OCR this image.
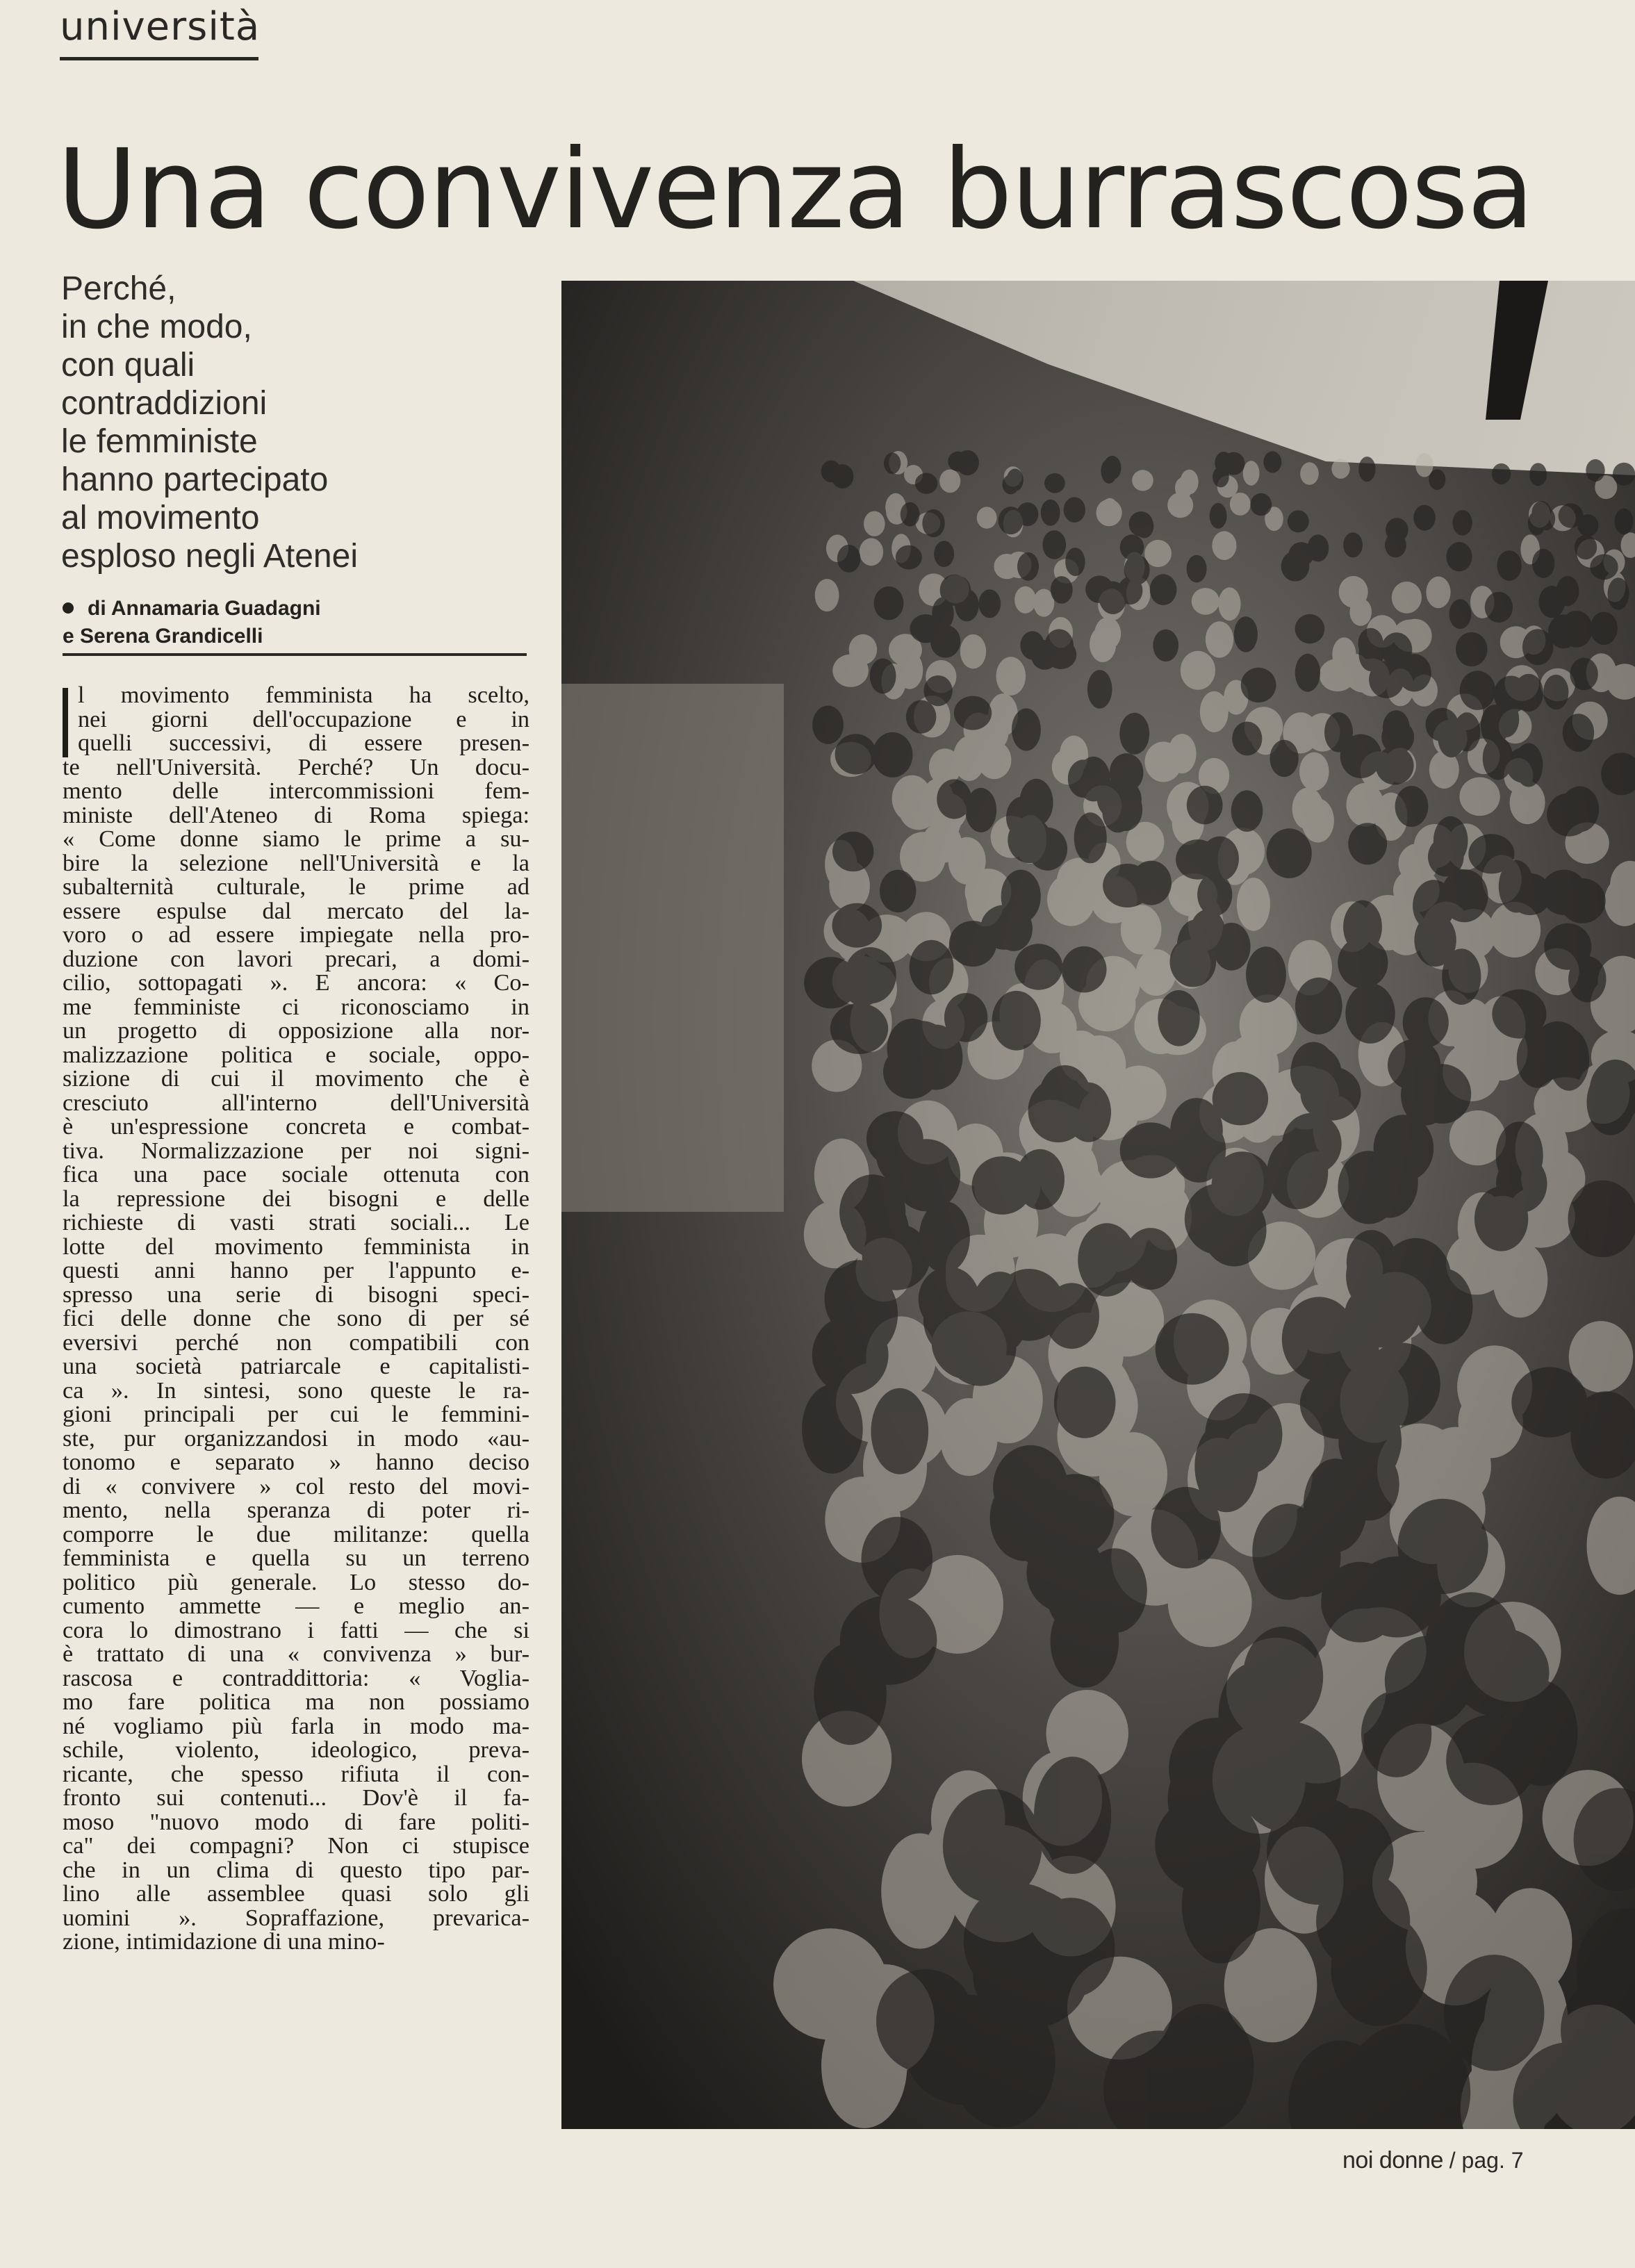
università
Una convivenza burrascosa
Perché,
in che modo,
con quali
contraddizioni
le femministe
hanno partecipato
al movimento
esploso negli Atenei
di Annamaria Guadagni
e Serena Grandicelli
l movimento femminista ha scelto,
nei giorni dell'occupazione e in
quelli successivi, di essere presen-
te nell'Università. Perché? Un docu-
mento delle intercommissioni fem-
ministe dell'Ateneo di Roma spiega:
« Come donne siamo le prime a su-
bire la selezione nell'Università e la
subalternità culturale, le prime ad
essere espulse dal mercato del la-
voro o ad essere impiegate nella pro-
duzione con lavori precari, a domi-
cilio, sottopagati ». E ancora: « Co-
me femministe ci riconosciamo in
un progetto di opposizione alla nor-
malizzazione politica e sociale, oppo-
sizione di cui il movimento che è
cresciuto all'interno dell'Università
è un'espressione concreta e combat-
tiva. Normalizzazione per noi signi-
fica una pace sociale ottenuta con
la repressione dei bisogni e delle
richieste di vasti strati sociali... Le
lotte del movimento femminista in
questi anni hanno per l'appunto e-
spresso una serie di bisogni speci-
fici delle donne che sono di per sé
eversivi perché non compatibili con
una società patriarcale e capitalisti-
ca ». In sintesi, sono queste le ra-
gioni principali per cui le femmini-
ste, pur organizzandosi in modo «au-
tonomo e separato » hanno deciso
di « convivere » col resto del movi-
mento, nella speranza di poter ri-
comporre le due militanze: quella
femminista e quella su un terreno
politico più generale. Lo stesso do-
cumento ammette — e meglio an-
cora lo dimostrano i fatti — che si
è trattato di una « convivenza » bur-
rascosa e contraddittoria: « Voglia-
mo fare politica ma non possiamo
né vogliamo più farla in modo ma-
schile, violento, ideologico, preva-
ricante, che spesso rifiuta il con-
fronto sui contenuti... Dov'è il fa-
moso "nuovo modo di fare politi-
ca" dei compagni? Non ci stupisce
che in un clima di questo tipo par-
lino alle assemblee quasi solo gli
uomini ». Sopraffazione, prevarica-
zione, intimidazione di una mino-
noi donne / pag. 7
